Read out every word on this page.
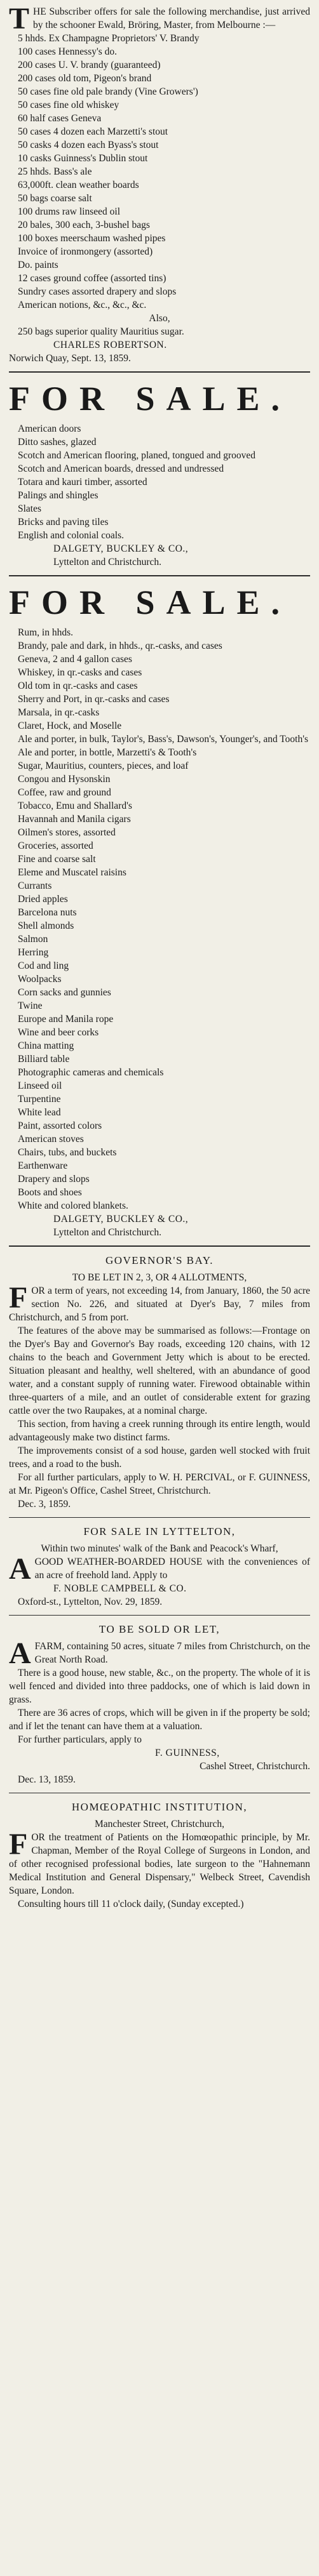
THE Subscriber offers for sale the following merchandise, just arrived by the schooner Ewald, Bröring, Master, from Melbourne :—

5 hhds. Ex Champagne Proprietors' V. Brandy
100 cases Hennessy's do.
200 cases U. V. brandy (guaranteed)
200 cases old tom, Pigeon's brand
50 cases fine old pale brandy (Vine Growers')
50 cases fine old whiskey
60 half cases Geneva
50 cases 4 dozen each Marzetti's stout
50 casks 4 dozen each Byass's stout
10 casks Guinness's Dublin stout
25 hhds. Bass's ale
63,000ft. clean weather boards
50 bags coarse salt
100 drums raw linseed oil
20 bales, 300 each, 3-bushel bags
100 boxes meerschaum washed pipes
Invoice of ironmongery (assorted)
Do. paints
12 cases ground coffee (assorted tins)
Sundry cases assorted drapery and slops
American notions, &c., &c., &c.
Also,
250 bags superior quality Mauritius sugar.
CHARLES ROBERTSON.
Norwich Quay, Sept. 13, 1859.
FOR SALE.
American doors
Ditto sashes, glazed
Scotch and American flooring, planed, tongued and grooved
Scotch and American boards, dressed and undressed
Totara and kauri timber, assorted
Palings and shingles
Slates
Bricks and paving tiles
English and colonial coals.
DALGETY, BUCKLEY & CO.,
Lyttelton and Christchurch.
FOR SALE.
Rum, in hhds.
Brandy, pale and dark, in hhds., qr.-casks, and cases
Geneva, 2 and 4 gallon cases
Whiskey, in qr.-casks and cases
Old tom in qr.-casks and cases
Sherry and Port, in qr.-casks and cases
Marsala, in qr.-casks
Claret, Hock, and Moselle
Ale and porter, in bulk, Taylor's, Bass's, Dawson's, Younger's, and Tooth's
Ale and porter, in bottle, Marzetti's & Tooth's
Sugar, Mauritius, counters, pieces, and loaf
Congou and Hysonskin
Coffee, raw and ground
Tobacco, Emu and Shallard's
Havannah and Manila cigars
Oilmen's stores, assorted
Groceries, assorted
Fine and coarse salt
Eleme and Muscatel raisins
Currants
Dried apples
Barcelona nuts
Shell almonds
Salmon
Herring
Cod and ling
Woolpacks
Corn sacks and gunnies
Twine
Europe and Manila rope
Wine and beer corks
China matting
Billiard table
Photographic cameras and chemicals
Linseed oil
Turpentine
White lead
Paint, assorted colors
American stoves
Chairs, tubs, and buckets
Earthenware
Drapery and slops
Boots and shoes
White and colored blankets.
DALGETY, BUCKLEY & CO.,
Lyttelton and Christchurch.
GOVERNOR'S BAY.
TO BE LET IN 2, 3, OR 4 ALLOTMENTS,

FOR a term of years, not exceeding 14, from January, 1860, the 50 acre section No. 226, and situated at Dyer's Bay, 7 miles from Christchurch, and 5 from port.

The features of the above may be summarised as follows:—Frontage on the Dyer's Bay and Governor's Bay roads, exceeding 120 chains, with 12 chains to the beach and Government Jetty which is about to be erected. Situation pleasant and healthy, well sheltered, with an abundance of good water, and a constant supply of running water. Firewood obtainable within three-quarters of a mile, and an outlet of considerable extent for grazing cattle over the two Raupakes, at a nominal charge.

This section, from having a creek running through its entire length, would advantageously make two distinct farms.

The improvements consist of a sod house, garden well stocked with fruit trees, and a road to the bush.

For all further particulars, apply to W. H. PERCIVAL, or F. GUINNESS, at Mr. Pigeon's Office, Cashel Street, Christchurch.

Dec. 3, 1859.
FOR SALE IN LYTTELTON,
Within two minutes' walk of the Bank and Peacock's Wharf,

AGOOD WEATHER-BOARDED HOUSE with the conveniences of an acre of freehold land. Apply to

F. NOBLE CAMPBELL & CO.
Oxford-st., Lyttelton, Nov. 29, 1859.
TO BE SOLD OR LET,

AFARM, containing 50 acres, situate 7 miles from Christchurch, on the Great North Road.

There is a good house, new stable, &c., on the property. The whole of it is well fenced and divided into three paddocks, one of which is laid down in grass.

There are 36 acres of crops, which will be given in if the property be sold; and if let the tenant can have them at a valuation.

For further particulars, apply to

F. GUINNESS,
Cashel Street, Christchurch.
Dec. 13, 1859.
HOMŒOPATHIC INSTITUTION,
Manchester Street, Christchurch,

FOR the treatment of Patients on the Homœopathic principle, by Mr. Chapman, Member of the Royal College of Surgeons in London, and of other recognised professional bodies, late surgeon to the "Hahnemann Medical Institution and General Dispensary," Welbeck Street, Cavendish Square, London.

Consulting hours till 11 o'clock daily, (Sunday excepted.)
